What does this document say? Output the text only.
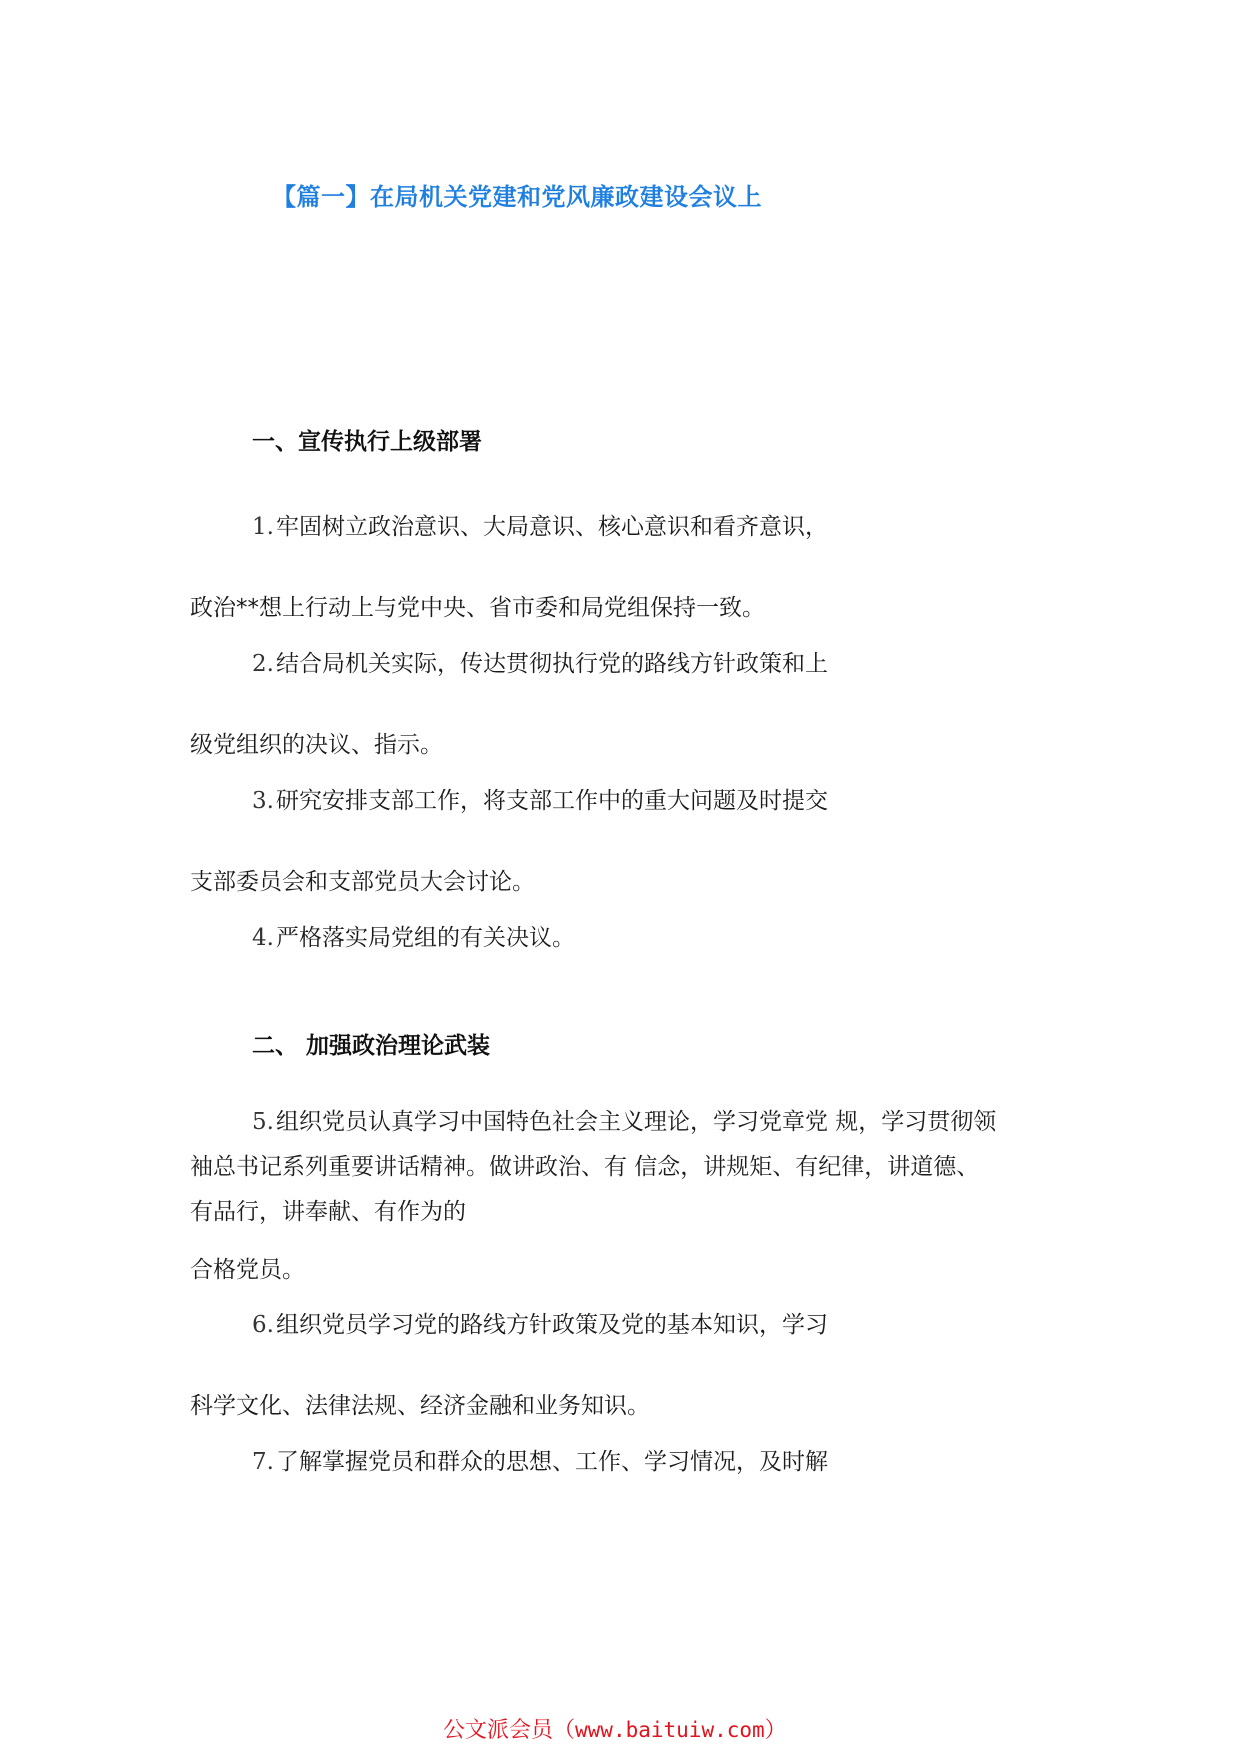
【篇一】在局机关党建和党风廉政建设会议上
一、宣传执行上级部署
1.牢固树立政治意识、大局意识、核心意识和看齐意识，
政治**想上行动上与党中央、省市委和局党组保持一致。
2.结合局机关实际，传达贯彻执行党的路线方针政策和上
级党组织的决议、指示。
3.研究安排支部工作，将支部工作中的重大问题及时提交
支部委员会和支部党员大会讨论。
4.严格落实局党组的有关决议。
二、 加强政治理论武装
5.组织党员认真学习中国特色社会主义理论，学习党章党 规，学习贯彻领
袖总书记系列重要讲话精神。做讲政治、有 信念，讲规矩、有纪律，讲道德、
有品行，讲奉献、有作为的
合格党员。
6.组织党员学习党的路线方针政策及党的基本知识，学习
科学文化、法律法规、经济金融和业务知识。
7.了解掌握党员和群众的思想、工作、学习情况，及时解
公文派会员（www.baituiw.com）
